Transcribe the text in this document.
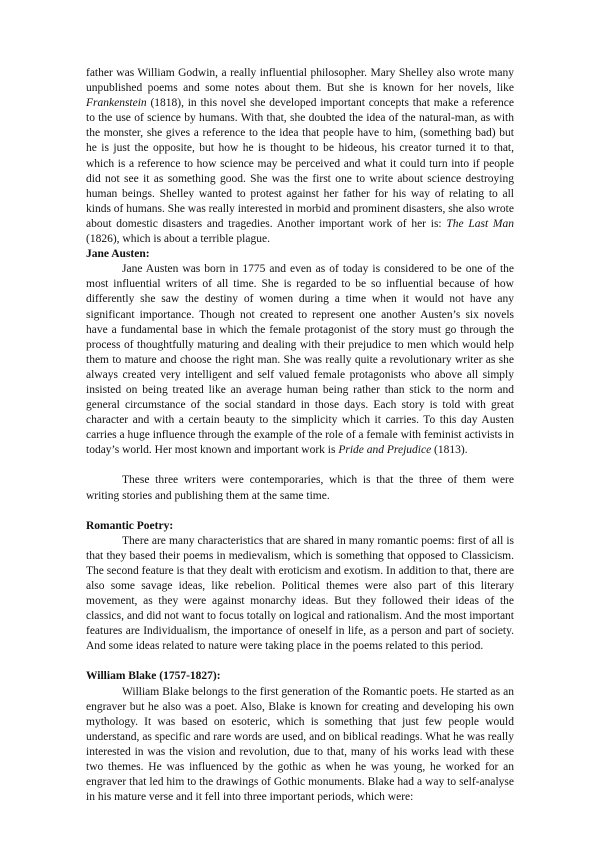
father was William Godwin, a really influential philosopher. Mary Shelley also wrote many unpublished poems and some notes about them. But she is known for her novels, like Frankenstein (1818), in this novel she developed important concepts that make a reference to the use of science by humans. With that, she doubted the idea of the natural-man, as with the monster, she gives a reference to the idea that people have to him, (something bad) but he is just the opposite, but how he is thought to be hideous, his creator turned it to that, which is a reference to how science may be perceived and what it could turn into if people did not see it as something good. She was the first one to write about science destroying human beings. Shelley wanted to protest against her father for his way of relating to all kinds of humans. She was really interested in morbid and prominent disasters, she also wrote about domestic disasters and tragedies. Another important work of her is: The Last Man (1826), which is about a terrible plague.

Jane Austen:

Jane Austen was born in 1775 and even as of today is considered to be one of the most influential writers of all time. She is regarded to be so influential because of how differently she saw the destiny of women during a time when it would not have any significant importance. Though not created to represent one another Austen’s six novels have a fundamental base in which the female protagonist of the story must go through the process of thoughtfully maturing and dealing with their prejudice to men which would help them to mature and choose the right man. She was really quite a revolutionary writer as she always created very intelligent and self valued female protagonists who above all simply insisted on being treated like an average human being rather than stick to the norm and general circumstance of the social standard in those days. Each story is told with great character and with a certain beauty to the simplicity which it carries. To this day Austen carries a huge influence through the example of the role of a female with feminist activists in today’s world. Her most known and important work is Pride and Prejudice (1813).

These three writers were contemporaries, which is that the three of them were writing stories and publishing them at the same time.

Romantic Poetry:

There are many characteristics that are shared in many romantic poems: first of all is that they based their poems in medievalism, which is something that opposed to Classicism. The second feature is that they dealt with eroticism and exotism. In addition to that, there are also some savage ideas, like rebelion. Political themes were also part of this literary movement, as they were against monarchy ideas. But they followed their ideas of the classics, and did not want to focus totally on logical and rationalism. And the most important features are Individualism, the importance of oneself in life, as a person and part of society. And some ideas related to nature were taking place in the poems related to this period.

William Blake (1757-1827):

William Blake belongs to the first generation of the Romantic poets. He started as an engraver but he also was a poet. Also, Blake is known for creating and developing his own mythology. It was based on esoteric, which is something that just few people would understand, as specific and rare words are used, and on biblical readings. What he was really interested in was the vision and revolution, due to that, many of his works lead with these two themes. He was influenced by the gothic as when he was young, he worked for an engraver that led him to the drawings of Gothic monuments. Blake had a way to self-analyse in his mature verse and it fell into three important periods, which were:
